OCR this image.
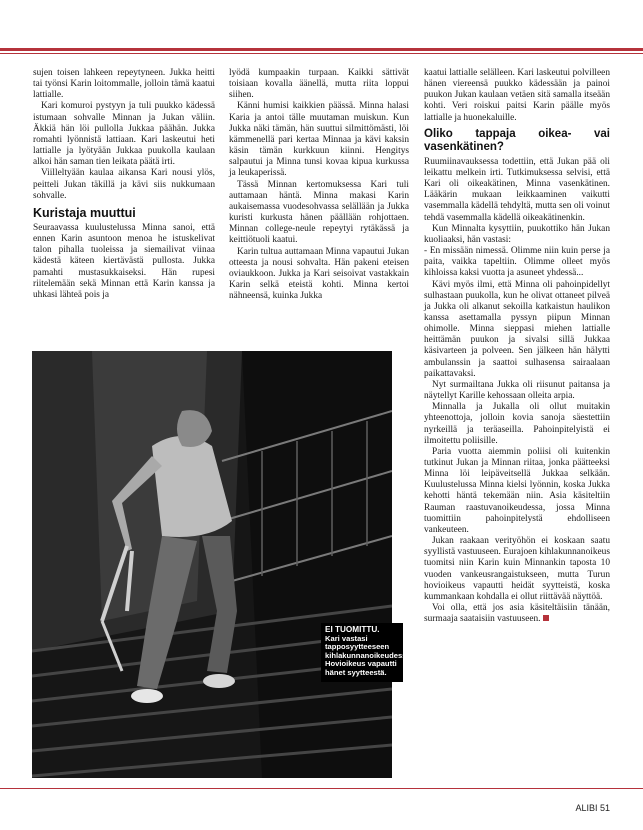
sujen toisen lahkeen repeytyneen. Jukka heitti tai työnsi Karin loitommalle, jolloin tämä kaatui lattialle.

Kari komuroi pystyyn ja tuli puukko kädessä istumaan sohvalle Minnan ja Jukan väliin. Äkkiä hän löi pullolla Jukkaa päähän. Jukka romahti lyönnistä lattiaan. Kari laskeutui heti lattialle ja lyötyään Jukkaa puukolla kaulaan alkoi hän saman tien leikata päätä irti.

Viilleltyään kaulaa aikansa Kari nousi ylös, peitteli Jukan täkillä ja kävi siis nukkumaan sohvalle.

Kuristaja muuttui

Seuraavassa kuulustelussa Minna sanoi, että ennen Karin asuntoon menoa he istuskelivat talon pihalla tuoleissa ja siemailivat viinaa kädestä käteen kiertävästä pullosta. Jukka pamahti mustasukkaiseksi. Hän rupesi riitelemään sekä Minnan että Karin kanssa ja uhkasi lähteä pois ja

lyödä kumpaakin turpaan. Kaikki sättivät toisiaan kovalla äänellä, mutta riita loppui siihen.

Känni humisi kaikkien päässä. Minna halasi Karia ja antoi tälle muutaman muiskun. Kun Jukka näki tämän, hän suuttui silmittömästi, löi kämmenellä pari kertaa Minnaa ja kävi kaksin käsin tämän kurkkuun kiinni. Hengitys salpautui ja Minna tunsi kovaa kipua kurkussa ja leukaperissä.

Tässä Minnan kertomuksessa Kari tuli auttamaan häntä. Minna makasi Karin aukaisemassa vuodesohvassa selällään ja Jukka kuristi kurkusta hänen päällään rohjottaen. Minnan college-neule repeytyi rytäkässä ja keittiötuoli kaatui.

Karin tultua auttamaan Minna vapautui Jukan otteesta ja nousi sohvalta. Hän pakeni eteisen oviaukkoon. Jukka ja Kari seisoivat vastakkain Karin selkä eteistä kohti. Minna kertoi nähneensä, kuinka Jukka

kaatui lattialle selälleen. Kari laskeutui polvilleen hänen viereensä puukko kädessään ja painoi puukon Jukan kaulaan vetäen sitä samalla itseään kohti. Veri roiskui paitsi Karin päälle myös lattialle ja huonekaluille.

Oliko tappaja oikea- vai vasenkätinen?

Ruumiinavauksessa todettiin, että Jukan pää oli leikattu melkein irti. Tutkimuksessa selvisi, että Kari oli oikeakätinen, Minna vasenkätinen. Lääkärin mukaan leikkaaminen vaikutti vasemmalla kädellä tehdyltä, mutta sen oli voinut tehdä vasemmalla kädellä oikeakätinenkin.

Kun Minnalta kysyttiin, puukottiko hän Jukan kuoliaaksi, hän vastasi:

- En missään nimessä. Olimme niin kuin perse ja paita, vaikka tapeltiin. Olimme olleet myös kihloissa kaksi vuotta ja asuneet yhdessä...

Kävi myös ilmi, että Minna oli pahoinpidellyt sulhastaan puukolla, kun he olivat ottaneet pilveä ja Jukka oli alkanut sekoilla katkaistun haulikon kanssa asettamalla pyssyn piipun Minnan ohimolle. Minna sieppasi miehen lattialle heittämän puukon ja sivalsi sillä Jukkaa käsivarteen ja polveen. Sen jälkeen hän hälytti ambulanssin ja saattoi sulhasensa sairaalaan paikattavaksi.

Nyt surmailtana Jukka oli riisunut paitansa ja näytellyt Karille kehossaan olleita arpia.

Minnalla ja Jukalla oli ollut muitakin yhteenottoja, jolloin kovia sanoja säestettiin nyrkeillä ja teräaseilla. Pahoinpitelyistä ei ilmoitettu poliisille.

Paria vuotta aiemmin poliisi oli kuitenkin tutkinut Jukan ja Minnan riitaa, jonka päätteeksi Minna löi leipäveitsellä Jukkaa selkään. Kuulustelussa Minna kielsi lyönnin, koska Jukka kehotti häntä tekemään niin. Asia käsiteltiin Rauman raastuvanoikeudessa, jossa Minna tuomittiin pahoinpitelystä ehdolliseen vankeuteen.

Jukan raakaan verityöhön ei koskaan saatu syyllistä vastuuseen. Eurajoen kihlakunnanoikeus tuomitsi niin Karin kuin Minnankin taposta 10 vuoden vankeusrangaistukseen, mutta Turun hovioikeus vapautti heidät syytteistä, koska kummankaan kohdalla ei ollut riittävää näyttöä.

Voi olla, että jos asia käsiteltäisiin tänään, surmaaja saataisiin vastuuseen.

EI TUOMITTU.
Kari vastasi tapposyytteeseen kihlakunnanoikeudessa. Hovioikeus vapautti hänet syytteestä.
ALIBI 51
